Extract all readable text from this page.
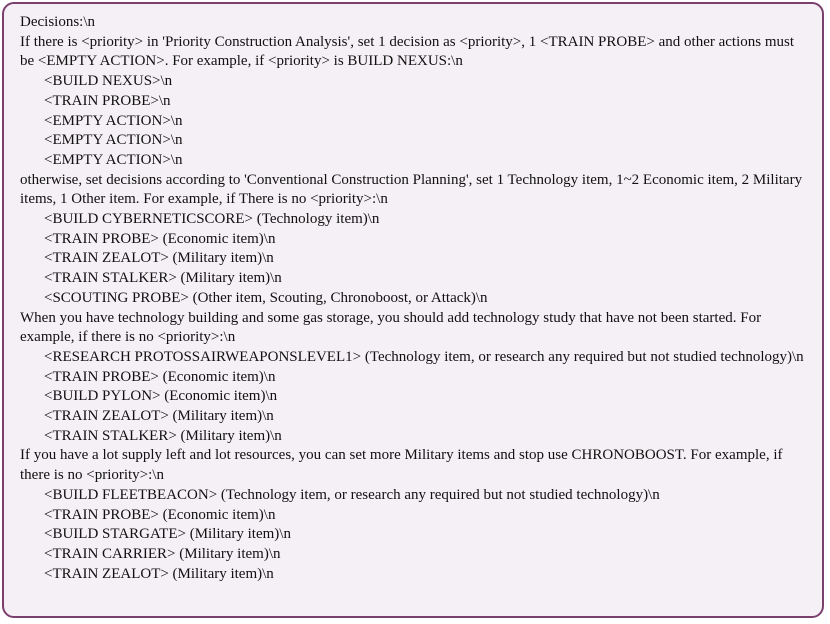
Decisions:\n
If there is <priority> in 'Priority Construction Analysis', set 1 decision as <priority>, 1 <TRAIN PROBE> and other actions must be <EMPTY ACTION>. For example, if <priority> is BUILD NEXUS:\n
<BUILD NEXUS>\n
<TRAIN PROBE>\n
<EMPTY ACTION>\n
<EMPTY ACTION>\n
<EMPTY ACTION>\n
otherwise, set decisions according to 'Conventional Construction Planning', set 1 Technology item, 1~2 Economic item, 2 Military items, 1 Other item. For example, if There is no <priority>:\n
<BUILD CYBERNETICSCORE> (Technology item)\n
<TRAIN PROBE> (Economic item)\n
<TRAIN ZEALOT> (Military item)\n
<TRAIN STALKER> (Military item)\n
<SCOUTING PROBE> (Other item, Scouting, Chronoboost, or Attack)\n
When you have technology building and some gas storage, you should add technology study that have not been started. For example, if there is no <priority>:\n
<RESEARCH PROTOSSAIRWEAPONSLEVEL1> (Technology item, or research any required but not studied technology)\n
<TRAIN PROBE> (Economic item)\n
<BUILD PYLON> (Economic item)\n
<TRAIN ZEALOT> (Military item)\n
<TRAIN STALKER> (Military item)\n
If you have a lot supply left and lot resources, you can set more Military items and stop use CHRONOBOOST. For example, if there is no <priority>:\n
<BUILD FLEETBEACON> (Technology item, or research any required but not studied technology)\n
<TRAIN PROBE> (Economic item)\n
<BUILD STARGATE> (Military item)\n
<TRAIN CARRIER> (Military item)\n
<TRAIN ZEALOT> (Military item)\n
